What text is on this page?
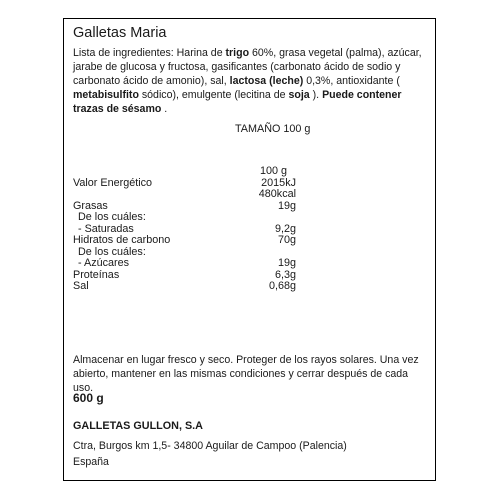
Galletas Maria
Lista de ingredientes: Harina de trigo 60%, grasa vegetal (palma), azúcar, jarabe de glucosa y fructosa, gasificantes (carbonato ácido de sodio y carbonato ácido de amonio), sal, lactosa (leche) 0,3%, antioxidante ( metabisulfito sódico), emulgente (lecitina de soja ). Puede contener trazas de sésamo .
TAMAÑO 100 g
100 g
Valor Energético	2015kJ
480kcal
Grasas	19g
De los cuáles:
- Saturadas	9,2g
Hidratos de carbono	70g
De los cuáles:
- Azúcares	19g
Proteínas	6,3g
Sal	0,68g
Almacenar en lugar fresco y seco. Proteger de los rayos solares. Una vez abierto, mantener en las mismas condiciones y cerrar después de cada uso.
600 g
GALLETAS GULLON, S.A
Ctra, Burgos km 1,5- 34800 Aguilar de Campoo (Palencia)
España
